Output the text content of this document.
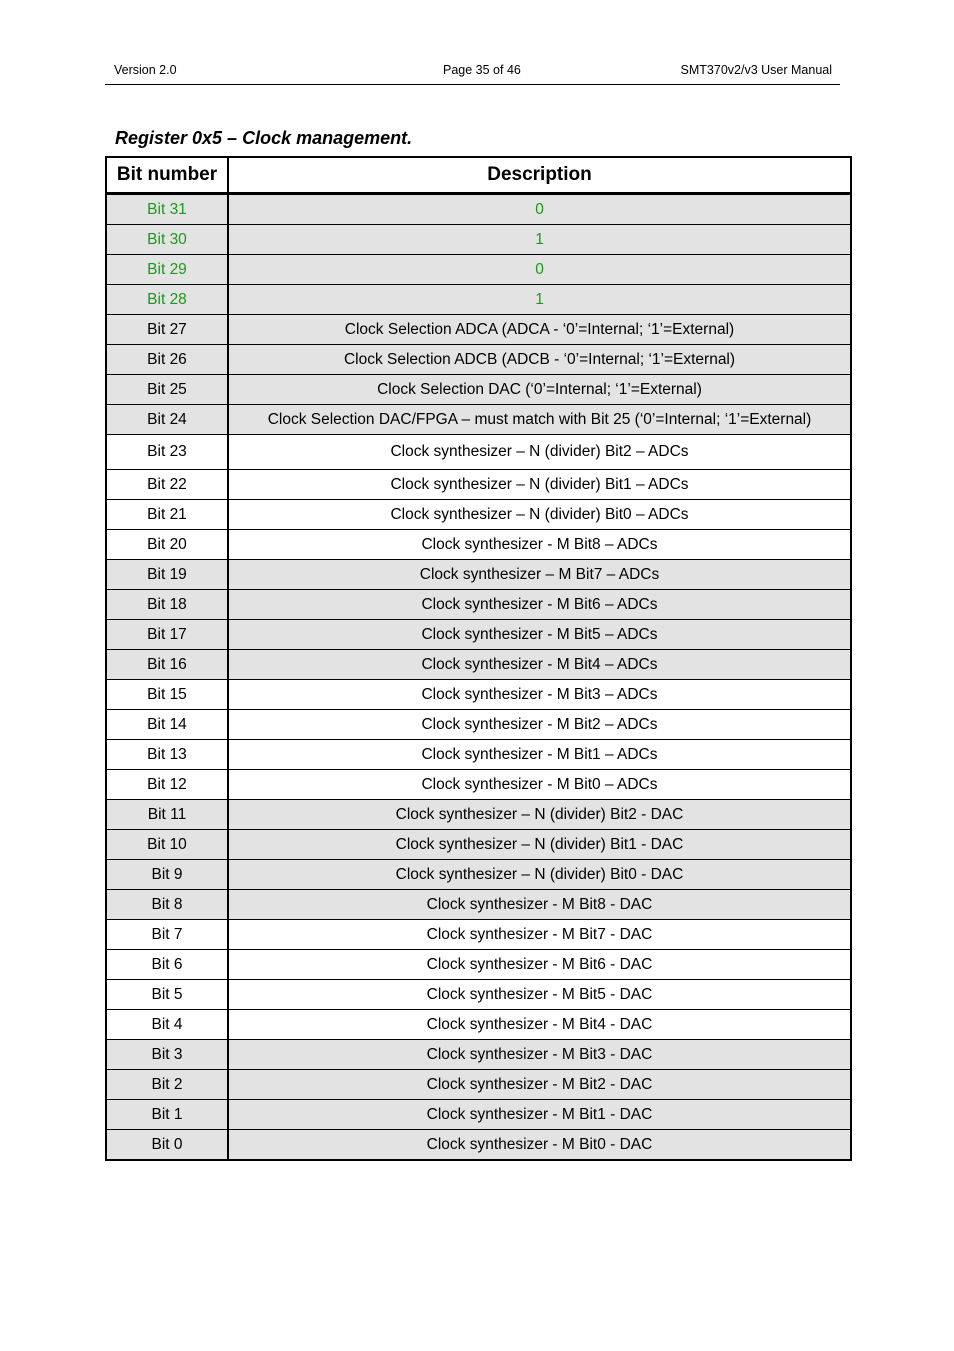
Version 2.0	Page 35 of 46	SMT370v2/v3 User Manual
Register 0x5 – Clock management.
Bit number	Description
Bit 31	0
Bit 30	1
Bit 29	0
Bit 28	1
Bit 27	Clock Selection ADCA (ADCA - ‘0’=Internal; ‘1’=External)
Bit 26	Clock Selection ADCB (ADCB - ‘0’=Internal; ‘1’=External)
Bit 25	Clock Selection DAC (‘0’=Internal; ‘1’=External)
Bit 24	Clock Selection DAC/FPGA – must match with Bit 25 (‘0’=Internal; ‘1’=External)
Bit 23	Clock synthesizer – N (divider) Bit2 – ADCs
Bit 22	Clock synthesizer – N (divider) Bit1 – ADCs
Bit 21	Clock synthesizer – N (divider) Bit0 – ADCs
Bit 20	Clock synthesizer - M Bit8 – ADCs
Bit 19	Clock synthesizer – M Bit7 – ADCs
Bit 18	Clock synthesizer - M Bit6 – ADCs
Bit 17	Clock synthesizer - M Bit5 – ADCs
Bit 16	Clock synthesizer - M Bit4 – ADCs
Bit 15	Clock synthesizer - M Bit3 – ADCs
Bit 14	Clock synthesizer - M Bit2 – ADCs
Bit 13	Clock synthesizer - M Bit1 – ADCs
Bit 12	Clock synthesizer - M Bit0 – ADCs
Bit 11	Clock synthesizer – N (divider) Bit2 - DAC
Bit 10	Clock synthesizer – N (divider) Bit1 - DAC
Bit 9	Clock synthesizer – N (divider) Bit0 - DAC
Bit 8	Clock synthesizer - M Bit8 - DAC
Bit 7	Clock synthesizer - M Bit7 - DAC
Bit 6	Clock synthesizer - M Bit6 - DAC
Bit 5	Clock synthesizer - M Bit5 - DAC
Bit 4	Clock synthesizer - M Bit4 - DAC
Bit 3	Clock synthesizer - M Bit3 - DAC
Bit 2	Clock synthesizer - M Bit2 - DAC
Bit 1	Clock synthesizer - M Bit1 - DAC
Bit 0	Clock synthesizer - M Bit0 - DAC
